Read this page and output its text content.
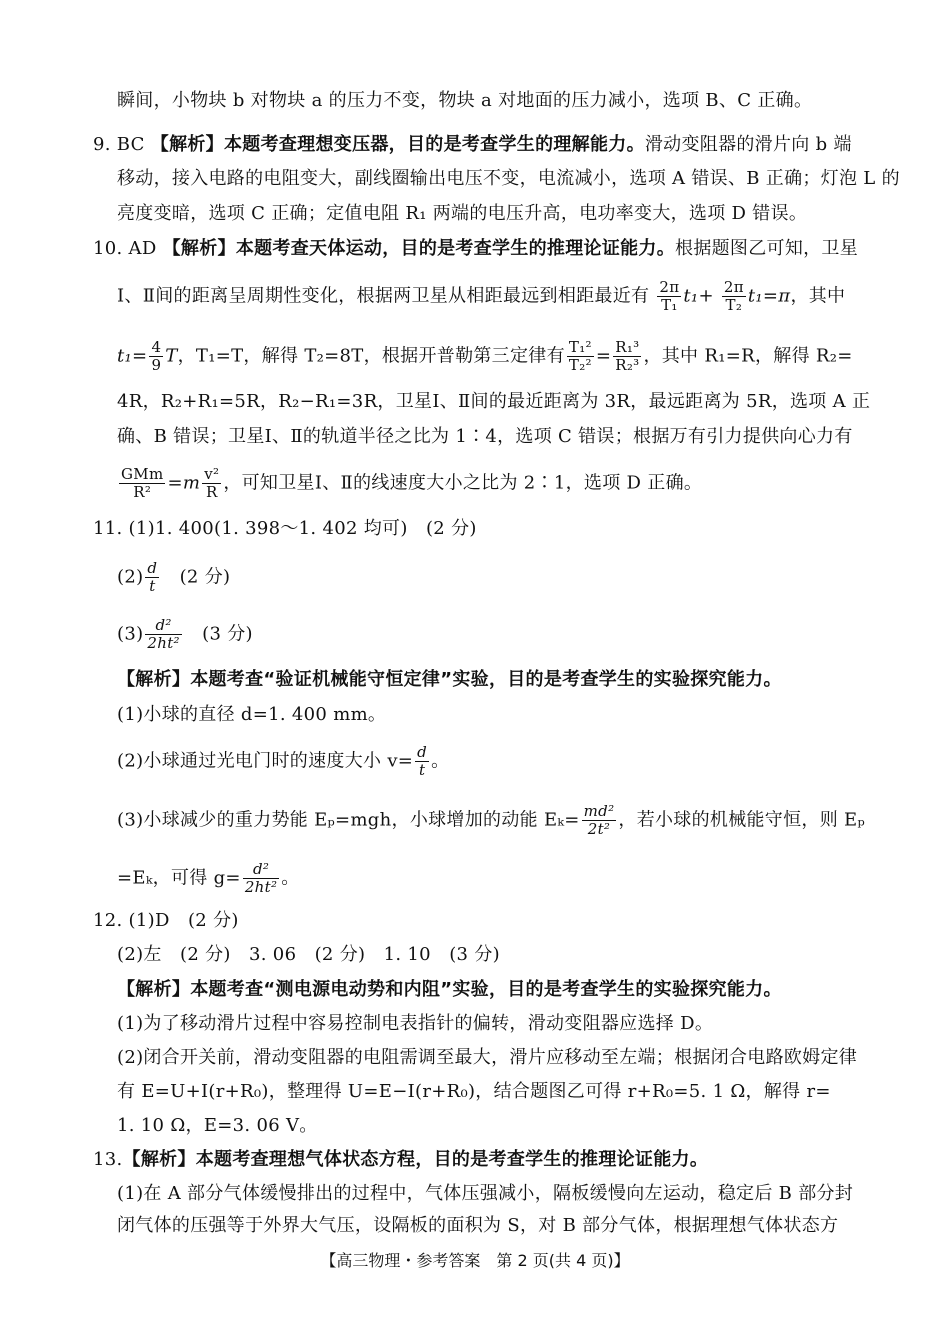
瞬间，小物块 b 对物块 a 的压力不变，物块 a 对地面的压力减小，选项 B、C 正确。
9. BC 【解析】本题考查理想变压器，目的是考查学生的理解能力。滑动变阻器的滑片向 b 端
移动，接入电路的电阻变大，副线圈输出电压不变，电流减小，选项 A 错误、B 正确；灯泡 L 的
亮度变暗，选项 C 正确；定值电阻 R₁ 两端的电压升高，电功率变大，选项 D 错误。
10. AD 【解析】本题考查天体运动，目的是考查学生的推理论证能力。根据题图乙可知，卫星
Ⅰ、Ⅱ间的距离呈周期性变化，根据两卫星从相距最远到相距最近有 $\frac{2\pi}{\text{T₁}} t_1+ \frac{2\pi}{\text{T₂}} t_1=\pi$，其中
$t_1= \frac{4}{9}$ T，T₁=T，解得 T₂=8T，根据开普勒第三定律有 $\frac{\text{T₁²}}{\text{T₂²}} = \frac{\text{R₁³}}{\text{R₂³}}$ ，其中 R₁=R，解得 R₂=
4R，R₂+R₁=5R，R₂−R₁=3R，卫星Ⅰ、Ⅱ间的最近距离为 3R，最远距离为 5R，选项 A 正
确、B 错误；卫星Ⅰ、Ⅱ的轨道半径之比为 1∶4，选项 C 错误；根据万有引力提供向心力有
$\frac{\text{GMm}}{\text{R²}} =m \frac{\text{v²}}{R}$ ，可知卫星Ⅰ、Ⅱ的线速度大小之比为 2∶1，选项 D 正确。
11. (1)1. 400(1. 398～1. 402 均可)　(2 分)
$(2) \frac{d}{t}$ 　(2 分)
$(3) \frac{\text{d²}}{\text{2ht²}}$ 　(3 分)
【解析】本题考查“验证机械能守恒定律”实验，目的是考查学生的实验探究能力。
(1)小球的直径 d=1. 400 mm。
(2)小球通过光电门时的速度大小 $v= \frac{d}{t}$ 。
(3)小球减少的重力势能 Eₚ=mgh，小球增加的动能 $E_k= \frac{\text{md²}}{\text{2t²}}$ ，若小球的机械能守恒，则 Eₚ
=Eₖ，可得 $g= \frac{\text{d²}}{\text{2ht²}}$ 。
12. (1)D　(2 分)
(2)左　(2 分)　3. 06　(2 分)　1. 10　(3 分)
【解析】本题考查“测电源电动势和内阻”实验，目的是考查学生的实验探究能力。
(1)为了移动滑片过程中容易控制电表指针的偏转，滑动变阻器应选择 D。
(2)闭合开关前，滑动变阻器的电阻需调至最大，滑片应移动至左端；根据闭合电路欧姆定律
有 E=U+I(r+R₀)，整理得 U=E−I(r+R₀)，结合题图乙可得 r+R₀=5. 1 Ω，解得 r=
1. 10 Ω，E=3. 06 V。
13.【解析】本题考查理想气体状态方程，目的是考查学生的推理论证能力。
(1)在 A 部分气体缓慢排出的过程中，气体压强减小，隔板缓慢向左运动，稳定后 B 部分封
闭气体的压强等于外界大气压，设隔板的面积为 S，对 B 部分气体，根据理想气体状态方
【高三物理・参考答案　第 2 页(共 4 页)】
